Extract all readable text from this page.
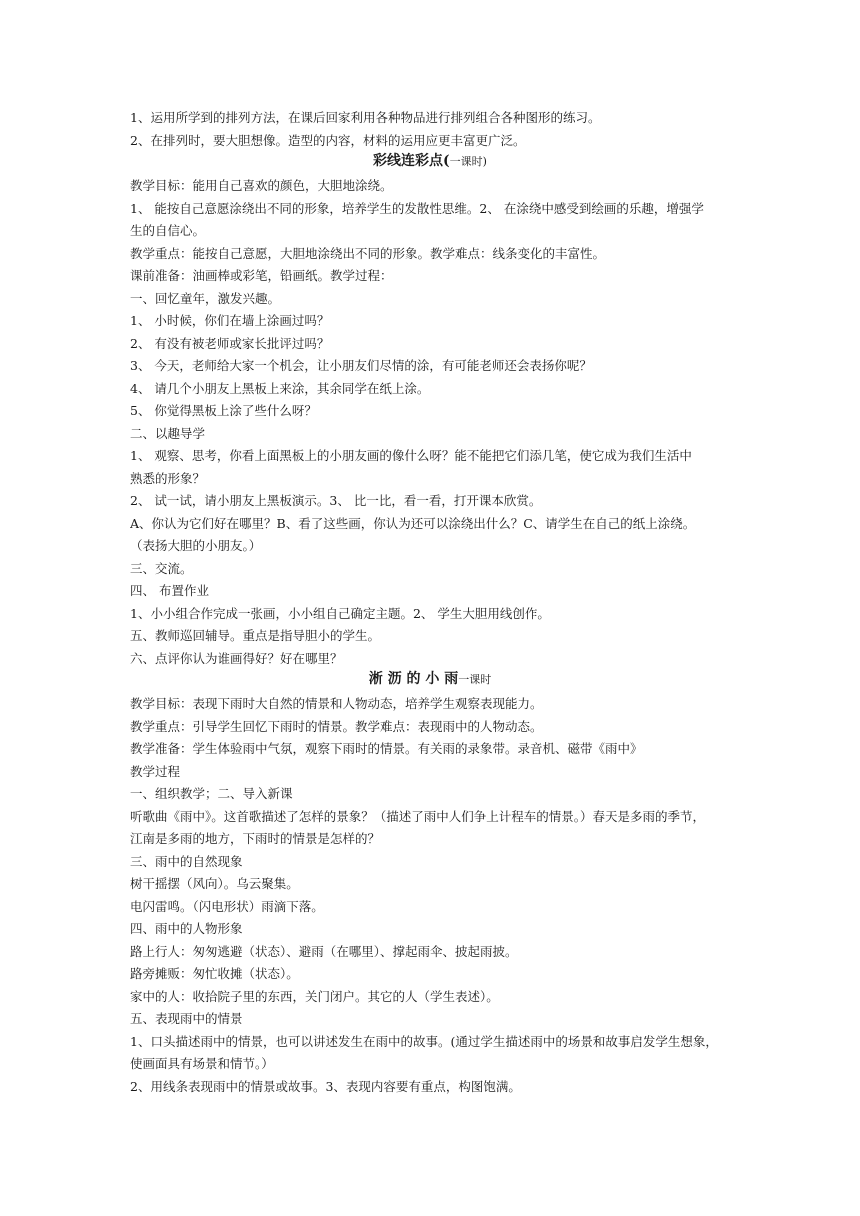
1、运用所学到的排列方法，在课后回家利用各种物品进行排列组合各种图形的练习。
2、在排列时，要大胆想像。造型的内容，材料的运用应更丰富更广泛。
彩线连彩点(一课时)
教学目标：能用自己喜欢的颜色，大胆地涂绕。
1、 能按自己意愿涂绕出不同的形象，培养学生的发散性思维。2、 在涂绕中感受到绘画的乐趣，增强学
生的自信心。
教学重点：能按自己意愿，大胆地涂绕出不同的形象。教学难点：线条变化的丰富性。
课前准备：油画棒或彩笔，铅画纸。教学过程：
一、回忆童年，激发兴趣。
1、 小时候，你们在墙上涂画过吗？
2、 有没有被老师或家长批评过吗？
3、 今天，老师给大家一个机会，让小朋友们尽情的涂，有可能老师还会表扬你呢？
4、 请几个小朋友上黑板上来涂，其余同学在纸上涂。
5、 你觉得黑板上涂了些什么呀？
二、以趣导学
1、 观察、思考，你看上面黑板上的小朋友画的像什么呀？能不能把它们添几笔，使它成为我们生活中
熟悉的形象？
2、 试一试，请小朋友上黑板演示。3、 比一比，看一看，打开课本欣赏。
A、你认为它们好在哪里？B、看了这些画，你认为还可以涂绕出什么？C、请学生在自己的纸上涂绕。
（表扬大胆的小朋友。）
三、交流。
四、 布置作业
1、小小组合作完成一张画，小小组自己确定主题。2、 学生大胆用线创作。
五、教师巡回辅导。重点是指导胆小的学生。
六、点评你认为谁画得好？好在哪里？
淅 沥 的 小 雨一课时
教学目标：表现下雨时大自然的情景和人物动态，培养学生观察表现能力。
教学重点：引导学生回忆下雨时的情景。教学难点：表现雨中的人物动态。
教学准备：学生体验雨中气氛，观察下雨时的情景。有关雨的录象带。录音机、磁带《雨中》
教学过程
一、组织教学；二、导入新课
听歌曲《雨中》。这首歌描述了怎样的景象？（描述了雨中人们争上计程车的情景。）春天是多雨的季节，
江南是多雨的地方，下雨时的情景是怎样的？
三、雨中的自然现象
树干摇摆（风向）。乌云聚集。
电闪雷鸣。（闪电形状）雨滴下落。
四、雨中的人物形象
路上行人：匆匆逃避（状态）、避雨（在哪里）、撑起雨伞、披起雨披。
路旁摊贩：匆忙收摊（状态）。
家中的人：收拾院子里的东西，关门闭户。其它的人（学生表述）。
五、表现雨中的情景
1、口头描述雨中的情景，也可以讲述发生在雨中的故事。(通过学生描述雨中的场景和故事启发学生想象，
使画面具有场景和情节。）
2、用线条表现雨中的情景或故事。3、表现内容要有重点，构图饱满。
